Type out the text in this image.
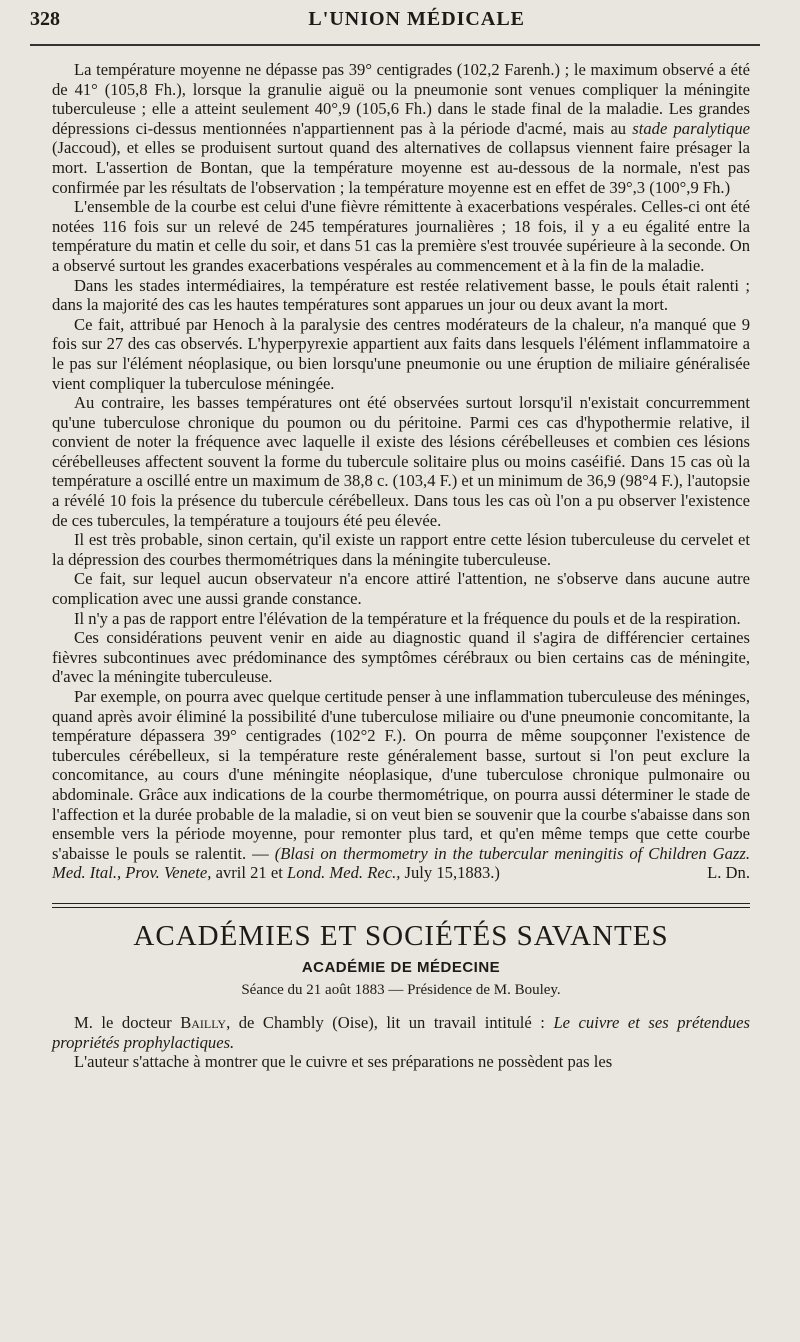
328	L'UNION MÉDICALE

La température moyenne ne dépasse pas 39° centigrades (102,2 Farenh.) ; le maximum observé a été de 41° (105,8 Fh.), lorsque la granulie aiguë ou la pneumonie sont venues compliquer la méningite tuberculeuse ; elle a atteint seulement 40°,9 (105,6 Fh.) dans le stade final de la maladie. Les grandes dépressions ci-dessus mentionnées n'appartiennent pas à la période d'acmé, mais au stade paralytique (Jaccoud), et elles se produisent surtout quand des alternatives de collapsus viennent faire présager la mort. L'assertion de Bontan, que la température moyenne est au-dessous de la normale, n'est pas confirmée par les résultats de l'observation ; la température moyenne est en effet de 39°,3 (100°,9 Fh.)

L'ensemble de la courbe est celui d'une fièvre rémittente à exacerbations vespérales. Celles-ci ont été notées 116 fois sur un relevé de 245 températures journalières ; 18 fois, il y a eu égalité entre la température du matin et celle du soir, et dans 51 cas la première s'est trouvée supérieure à la seconde. On a observé surtout les grandes exacerbations vespérales au commencement et à la fin de la maladie.

Dans les stades intermédiaires, la température est restée relativement basse, le pouls était ralenti ; dans la majorité des cas les hautes températures sont apparues un jour ou deux avant la mort.

Ce fait, attribué par Henoch à la paralysie des centres modérateurs de la chaleur, n'a manqué que 9 fois sur 27 des cas observés. L'hyperpyrexie appartient aux faits dans lesquels l'élément inflammatoire a le pas sur l'élément néoplasique, ou bien lorsqu'une pneumonie ou une éruption de miliaire généralisée vient compliquer la tuberculose méningée.

Au contraire, les basses températures ont été observées surtout lorsqu'il n'existait concurremment qu'une tuberculose chronique du poumon ou du péritoine. Parmi ces cas d'hypothermie relative, il convient de noter la fréquence avec laquelle il existe des lésions cérébelleuses et combien ces lésions cérébelleuses affectent souvent la forme du tubercule solitaire plus ou moins caséifié. Dans 15 cas où la température a oscillé entre un maximum de 38,8 c. (103,4 F.) et un minimum de 36,9 (98°4 F.), l'autopsie a révélé 10 fois la présence du tubercule cérébelleux. Dans tous les cas où l'on a pu observer l'existence de ces tubercules, la température a toujours été peu élevée.

Il est très probable, sinon certain, qu'il existe un rapport entre cette lésion tuberculeuse du cervelet et la dépression des courbes thermométriques dans la méningite tuberculeuse.

Ce fait, sur lequel aucun observateur n'a encore attiré l'attention, ne s'observe dans aucune autre complication avec une aussi grande constance.

Il n'y a pas de rapport entre l'élévation de la température et la fréquence du pouls et de la respiration.

Ces considérations peuvent venir en aide au diagnostic quand il s'agira de différencier certaines fièvres subcontinues avec prédominance des symptômes cérébraux ou bien certains cas de méningite, d'avec la méningite tuberculeuse.

Par exemple, on pourra avec quelque certitude penser à une inflammation tuberculeuse des méninges, quand après avoir éliminé la possibilité d'une tuberculose miliaire ou d'une pneumonie concomitante, la température dépassera 39° centigrades (102°2 F.). On pourra de même soupçonner l'existence de tubercules cérébelleux, si la température reste généralement basse, surtout si l'on peut exclure la concomitance, au cours d'une méningite néoplasique, d'une tuberculose chronique pulmonaire ou abdominale. Grâce aux indications de la courbe thermométrique, on pourra aussi déterminer le stade de l'affection et la durée probable de la maladie, si on veut bien se souvenir que la courbe s'abaisse dans son ensemble vers la période moyenne, pour remonter plus tard, et qu'en même temps que cette courbe s'abaisse le pouls se ralentit. — (Blasi on thermometry in the tubercular meningitis of Children Gazz. Med. Ital., Prov. Venete, avril 21 et Lond. Med. Rec., July 15,1883.)	L. Dn.

ACADÉMIES ET SOCIÉTÉS SAVANTES
ACADÉMIE DE MÉDECINE
Séance du 21 août 1883 — Présidence de M. Bouley.

M. le docteur Bailly, de Chambly (Oise), lit un travail intitulé : Le cuivre et ses prétendues propriétés prophylactiques.

L'auteur s'attache à montrer que le cuivre et ses préparations ne possèdent pas les
